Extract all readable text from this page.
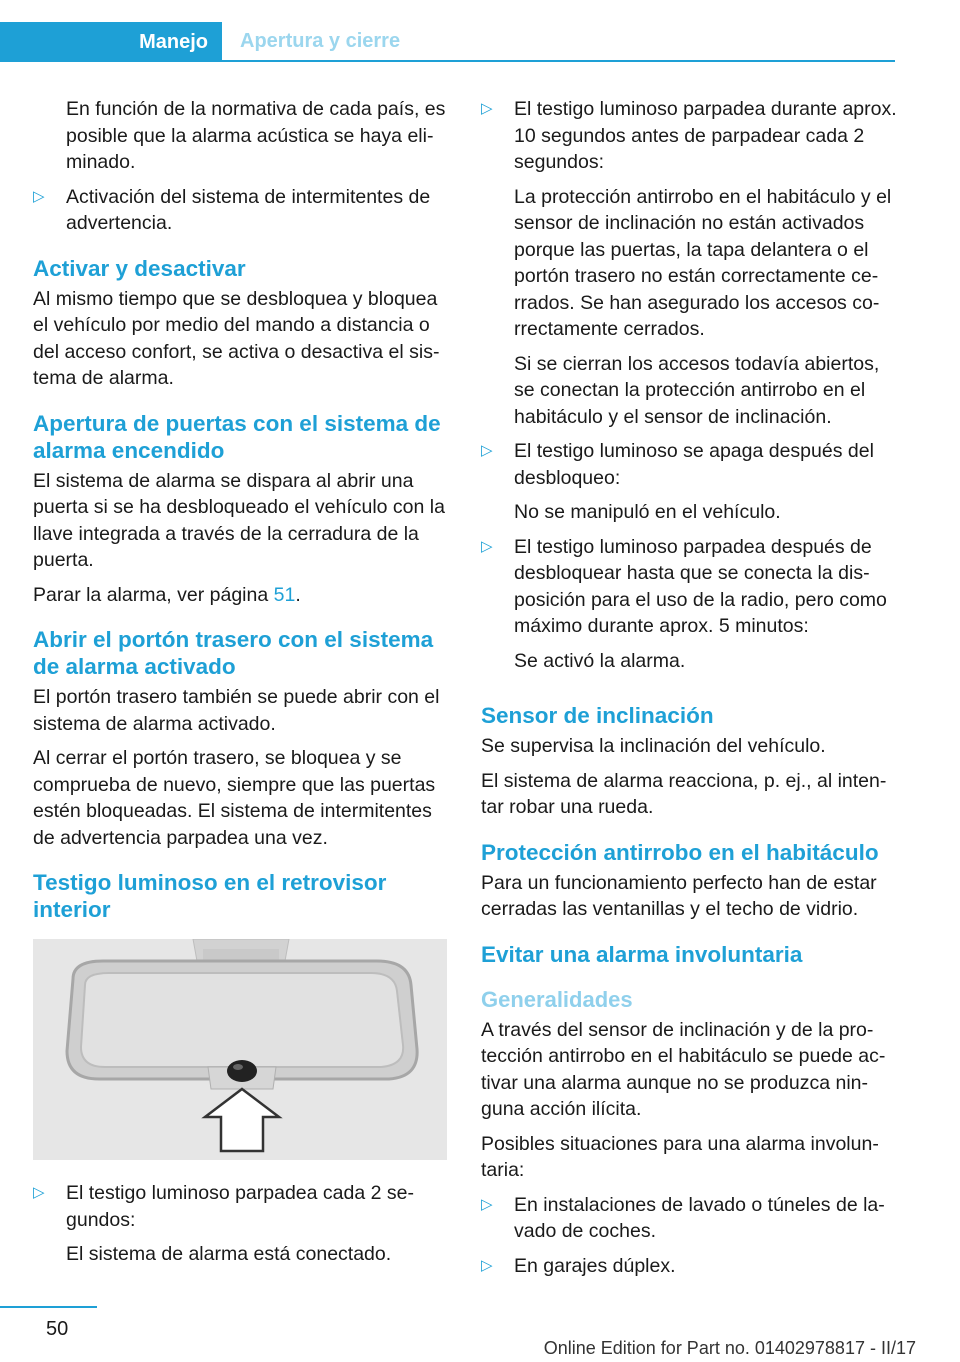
Manejo Apertura y cierre

En función de la normativa de cada país, es posible que la alarma acústica se haya eliminado.

▷ Activación del sistema de intermitentes de advertencia.
Activar y desactivar

Al mismo tiempo que se desbloquea y bloquea el vehículo por medio del mando a distancia o del acceso confort, se activa o desactiva el sistema de alarma.

Apertura de puertas con el sistema de alarma encendido

El sistema de alarma se dispara al abrir una puerta si se ha desbloqueado el vehículo con la llave integrada a través de la cerradura de la puerta.

Parar la alarma, ver página 51.

Abrir el portón trasero con el sistema de alarma activado

El portón trasero también se puede abrir con el sistema de alarma activado.

Al cerrar el portón trasero, se bloquea y se comprueba de nuevo, siempre que las puertas estén bloqueadas. El sistema de intermitentes de advertencia parpadea una vez.

Testigo luminoso en el retrovisor interior
▷ El testigo luminoso parpadea cada 2 segundos:

El sistema de alarma está conectado.

▷ El testigo luminoso parpadea durante aprox. 10 segundos antes de parpadear cada 2 segundos:

La protección antirrobo en el habitáculo y el sensor de inclinación no están activados porque las puertas, la tapa delantera o el portón trasero no están correctamente cerrados. Se han asegurado los accesos correctamente cerrados.

Si se cierran los accesos todavía abiertos, se conectan la protección antirrobo en el habitáculo y el sensor de inclinación.

▷ El testigo luminoso se apaga después del desbloqueo:

No se manipuló en el vehículo.

▷ El testigo luminoso parpadea después de desbloquear hasta que se conecta la disposición para el uso de la radio, pero como máximo durante aprox. 5 minutos:

Se activó la alarma.

Sensor de inclinación

Se supervisa la inclinación del vehículo.

El sistema de alarma reacciona, p. ej., al intentar robar una rueda.

Protección antirrobo en el habitáculo

Para un funcionamiento perfecto han de estar cerradas las ventanillas y el techo de vidrio.

Evitar una alarma involuntaria
Generalidades

A través del sensor de inclinación y de la protección antirrobo en el habitáculo se puede activar una alarma aunque no se produzca ninguna acción ilícita.

Posibles situaciones para una alarma involuntaria:

▷ En instalaciones de lavado o túneles de lavado de coches.
▷ En garajes dúplex.
50
Online Edition for Part no. 01402978817 - II/17
